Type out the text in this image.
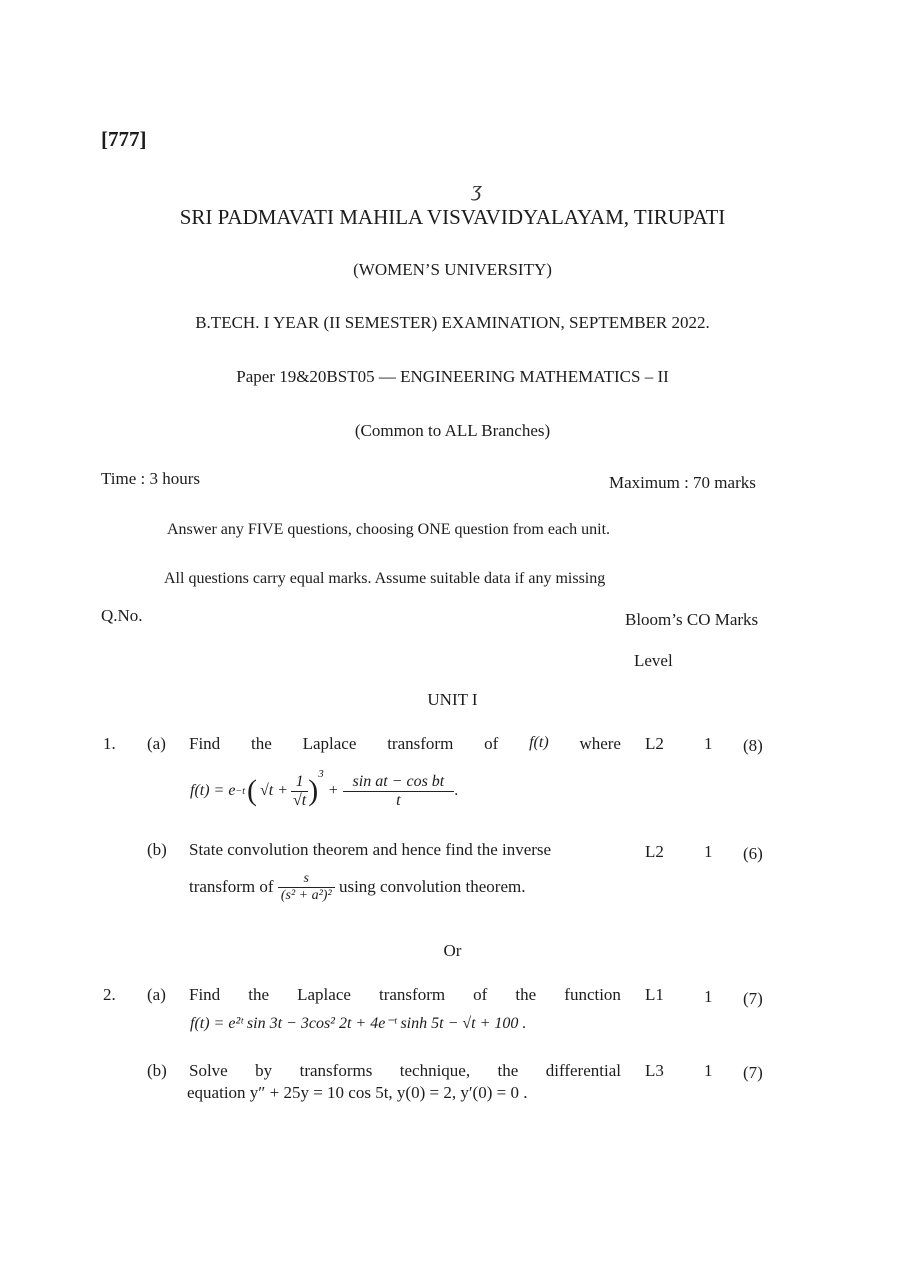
ʒ
[777]
SRI PADMAVATI MAHILA VISVAVIDYALAYAM, TIRUPATI
(WOMEN’S UNIVERSITY)
B.TECH. I YEAR (II SEMESTER) EXAMINATION, SEPTEMBER 2022.
Paper 19&20BST05 — ENGINEERING MATHEMATICS – II
(Common to ALL Branches)
Time : 3 hours	Maximum : 70 marks
Answer any FIVE questions, choosing ONE question from each unit.
All questions carry equal marks. Assume suitable data if any missing
Q.No.	Bloom’s CO Marks
Level
UNIT I
1. (a) Find the Laplace transform of f(t) where L2 1 (8)
f(t) = e −t ( $√t + \frac{1}{√t} )^3$
+ $\frac{\text{sin at − cos bt}}{t}$ .
(b) State convolution theorem and hence find the inverse	L2 1 (6)
transform of $\frac{s}{\text{(s² + a²)²}}$ using convolution theorem.
Or
2. (a) Find the Laplace transform of the function L1 1 (7)
f(t) = e²ᵗ sin 3t − 3cos² 2t + 4e⁻ᵗ sinh 5t − √t + 100 .
(b) Solve by transforms technique, the differential L3 1 (7)
equation y″ + 25y = 10 cos 5t, y(0) = 2, y′(0) = 0 .
